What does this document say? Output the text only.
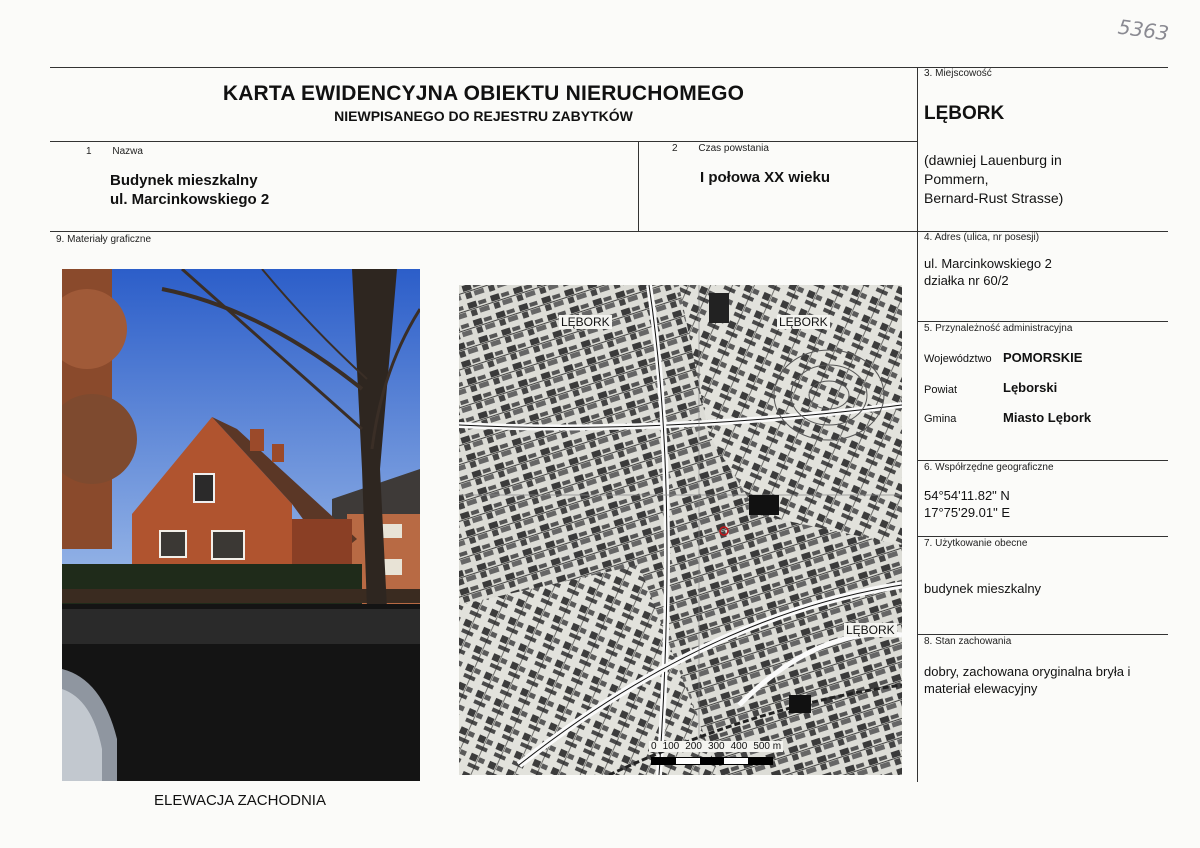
5363
KARTA EWIDENCYJNA OBIEKTU NIERUCHOMEGO
NIEWPISANEGO DO REJESTRU ZABYTKÓW
1 Nazwa
Budynek mieszkalny
ul. Marcinkowskiego 2
2 Czas powstania
I połowa XX wieku
3. Miejscowość
LĘBORK
(dawniej Lauenburg in
Pommern,
Bernard-Rust Strasse)
4. Adres (ulica, nr posesji)
ul. Marcinkowskiego 2
działka nr 60/2
5. Przynależność administracyjna
Województwo POMORSKIE
Powiat	Lęborski
Gmina	Miasto Lębork
6. Współrzędne geograficzne
54°54'11.82" N
17°75'29.01" E
7. Użytkowanie obecne
budynek mieszkalny
8. Stan zachowania
dobry, zachowana oryginalna bryła i
materiał elewacyjny
9. Materiały graficzne
ELEWACJA ZACHODNIA
LĘBORK	LĘBORK
LĘBORK
0 100 200 300 400 500 m
